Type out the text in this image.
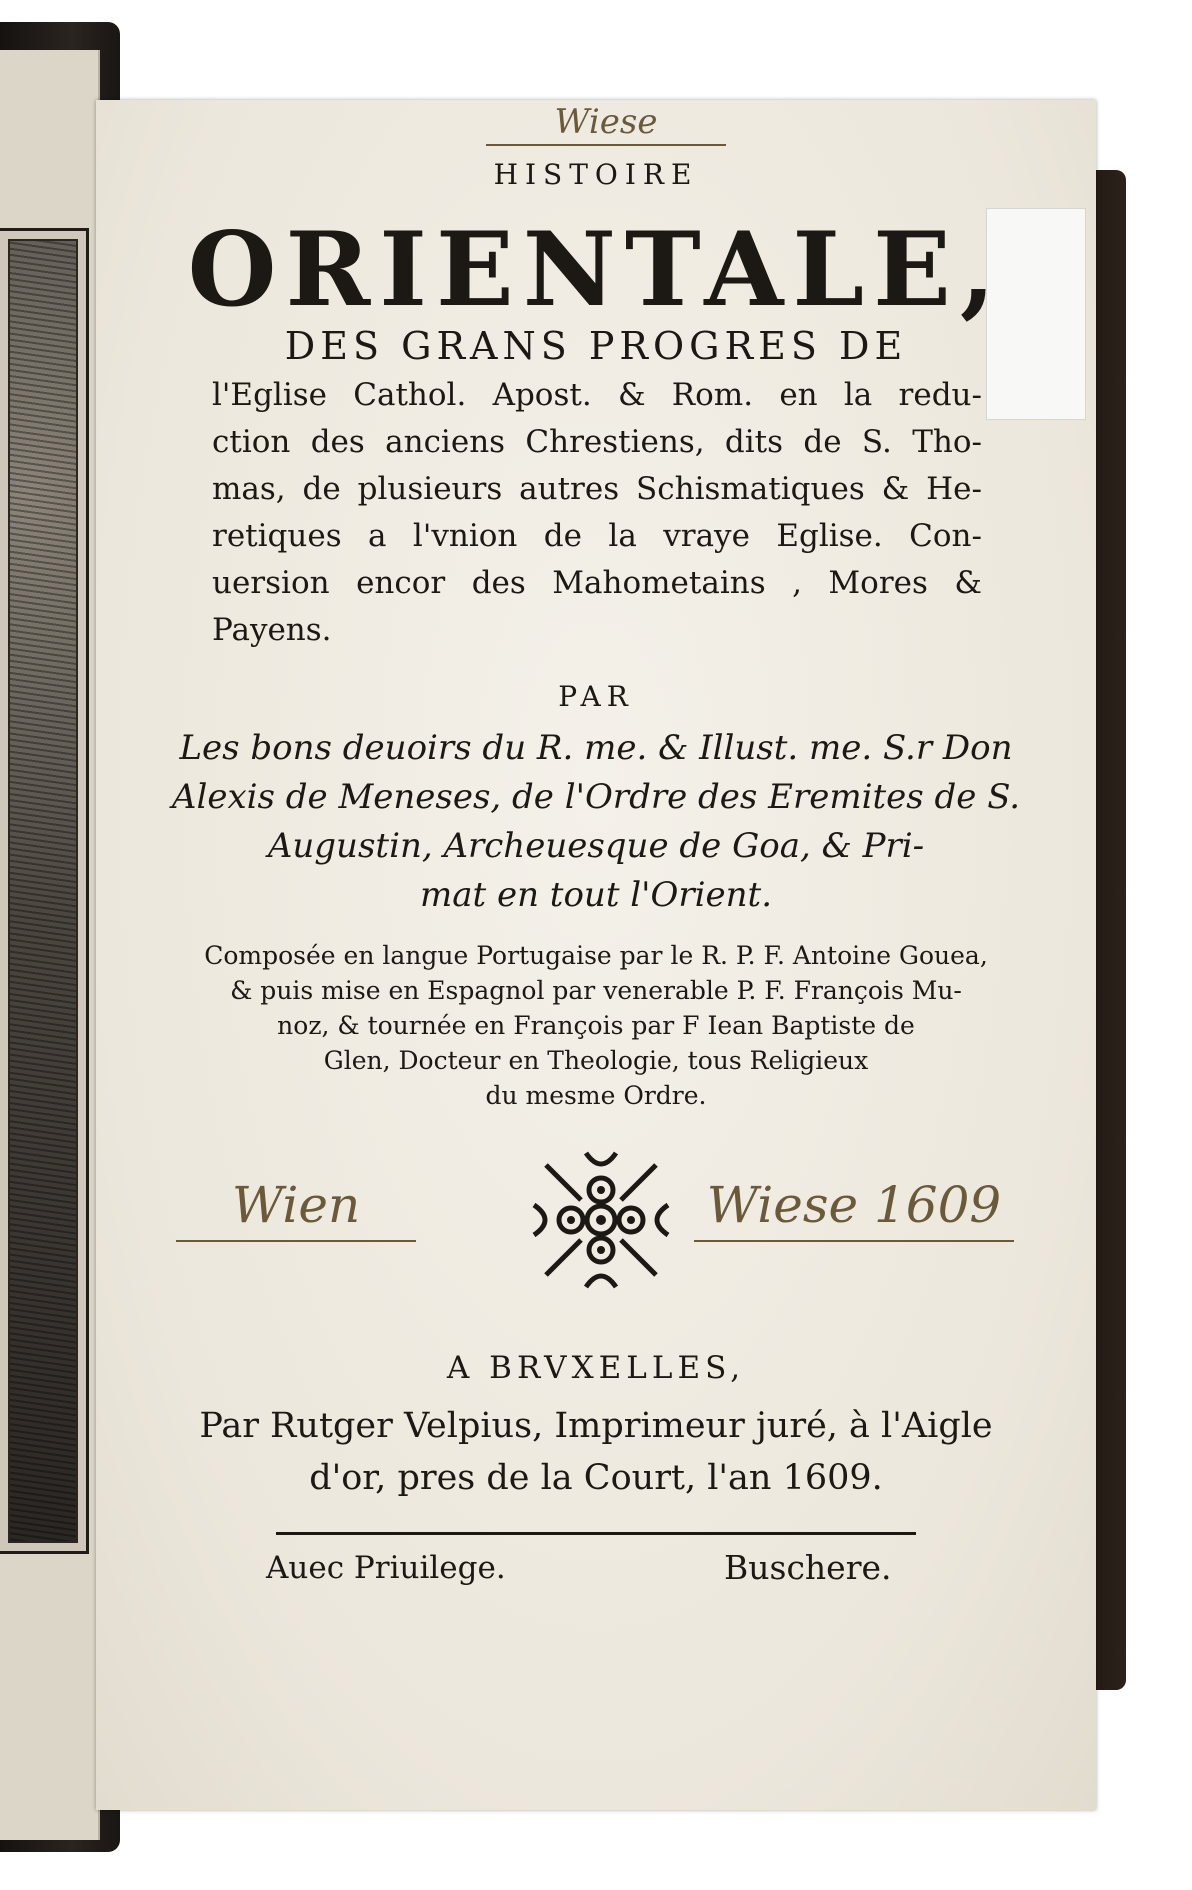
Wiese
HISTOIRE
ORIENTALE,
DES GRANS PROGRES DE
l'Eglise Cathol. Apost. & Rom. en la redu-
ction des anciens Chrestiens, dits de S. Tho-
mas, de plusieurs autres Schismatiques & He-
retiques a l'vnion de la vraye Eglise. Con-
uersion encor des Mahometains , Mores &
Payens.
PAR
Les bons deuoirs du R. me. & Illust. me. S.r Don
Alexis de Meneses, de l'Ordre des Eremites de S.
Augustin, Archeuesque de Goa, & Pri-
mat en tout l'Orient.
Composée en langue Portugaise par le R. P. F. Antoine Gouea,
& puis mise en Espagnol par venerable P. F. François Mu-
noz, & tournée en François par F Iean Baptiste de
Glen, Docteur en Theologie, tous Religieux
du mesme Ordre.
Wien	Wiese 1609
A BRVXELLES,
Par Rutger Velpius, Imprimeur juré, à l'Aigle
d'or, pres de la Court, l'an 1609.
Auec Priuilege.	Buschere.
